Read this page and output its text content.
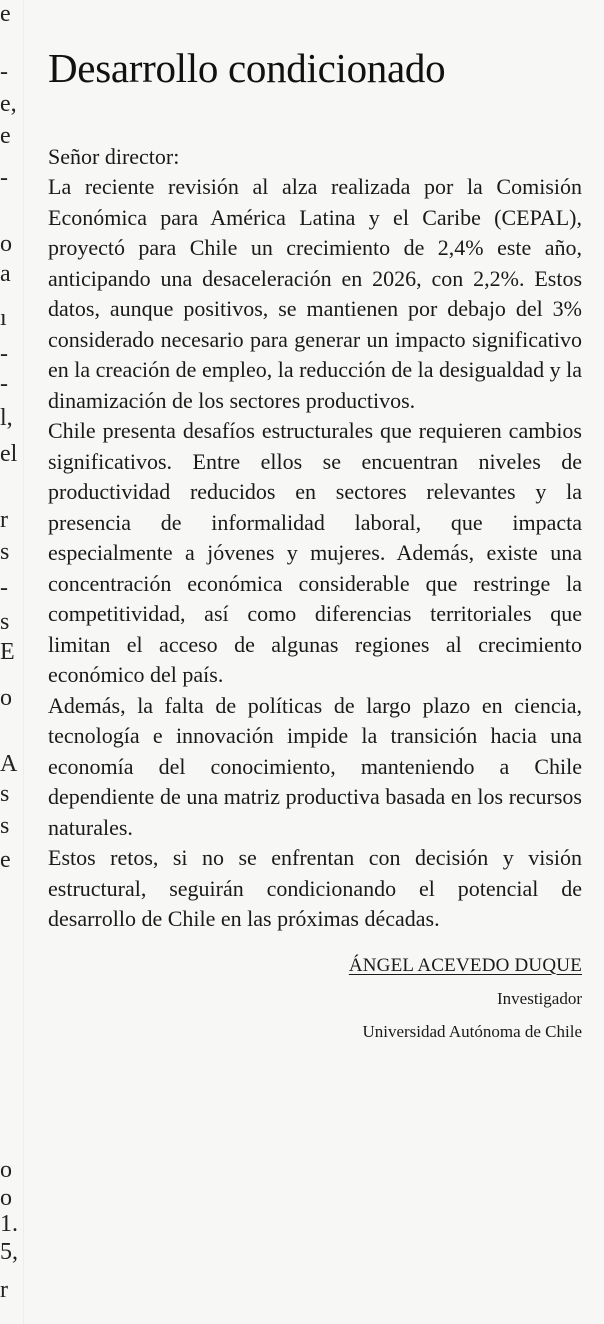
e
-
e,
e
-
o
a
ı
-
-
l,
el
r
s
-
s
E
o
A
s
s
e
o
o
1.
5,
r
Desarrollo condicionado

Señor director:

La reciente revisión al alza realizada por la Comisión Económica para América Latina y el Caribe (CEPAL), proyectó para Chile un crecimiento de 2,4% este año, anticipando una desaceleración en 2026, con 2,2%. Estos datos, aunque positivos, se mantienen por debajo del 3% considerado necesario para generar un impacto significativo en la creación de empleo, la reducción de la desigualdad y la dinamización de los sectores productivos.

Chile presenta desafíos estructurales que requieren cambios significativos. Entre ellos se encuentran niveles de productividad reducidos en sectores relevantes y la presencia de informalidad laboral, que impacta especialmente a jóvenes y mujeres. Además, existe una concentración económica considerable que restringe la competitividad, así como diferencias territoriales que limitan el acceso de algunas regiones al crecimiento económico del país.

Además, la falta de políticas de largo plazo en ciencia, tecnología e innovación impide la transición hacia una economía del conocimiento, manteniendo a Chile dependiente de una matriz productiva basada en los recursos naturales.

Estos retos, si no se enfrentan con decisión y visión estructural, seguirán condicionando el potencial de desarrollo de Chile en las próximas décadas.

ÁNGEL ACEVEDO DUQUE
Investigador
Universidad Autónoma de Chile
